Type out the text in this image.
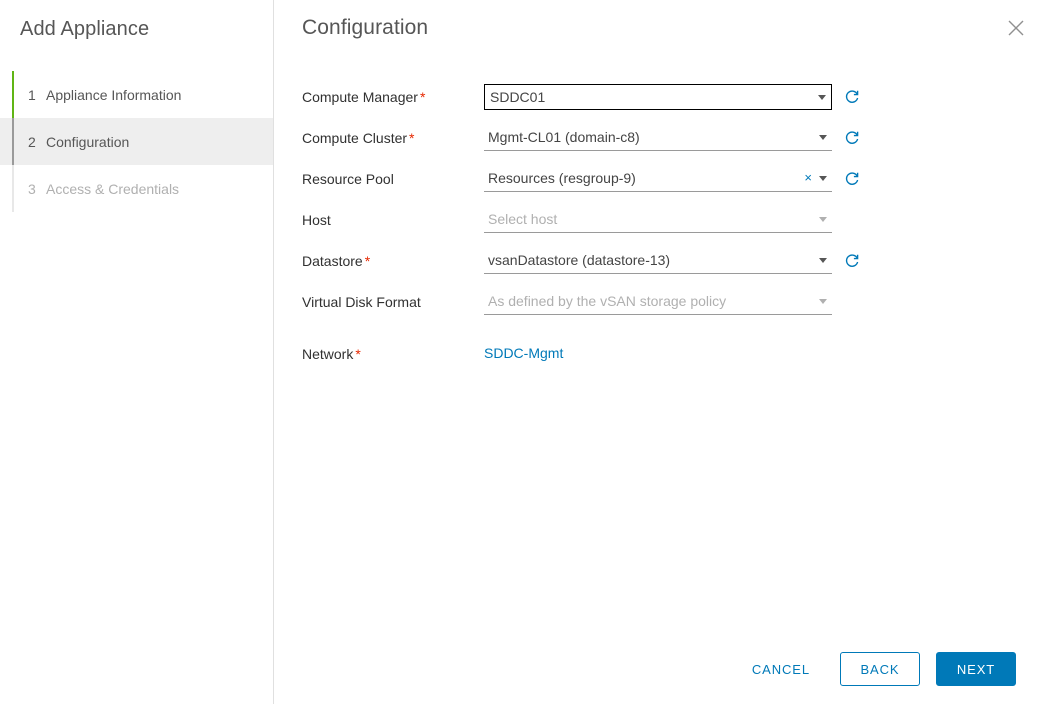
Add Appliance
1 Appliance Information
2 Configuration
3 Access & Credentials
Configuration
Compute Manager *	SDDC01
Compute Cluster *	Mgmt-CL01 (domain-c8)
Resource Pool	Resources (resgroup-9)	×
Host	Select host
Datastore *	vsanDatastore (datastore-13)
Virtual Disk Format	As defined by the vSAN storage policy
Network *	SDDC-Mgmt
CANCEL	BACK	NEXT
